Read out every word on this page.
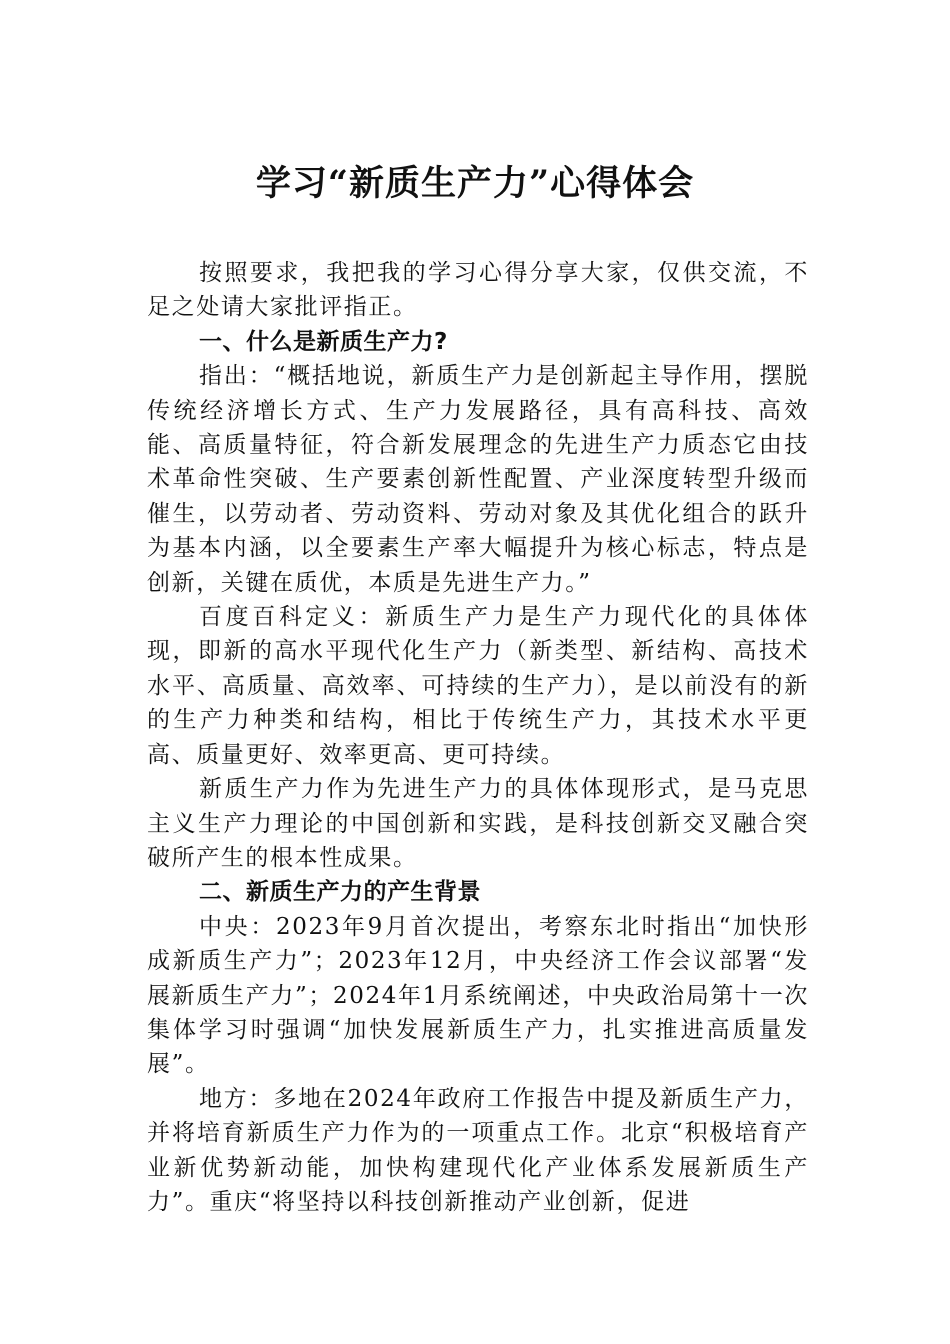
学习“新质生产力”心得体会

按照要求，我把我的学习心得分享大家，仅供交流，不足之处请大家批评指正。

一、什么是新质生产力?

指出：“概括地说，新质生产力是创新起主导作用，摆脱传统经济增长方式、生产力发展路径，具有高科技、高效能、高质量特征，符合新发展理念的先进生产力质态它由技术革命性突破、生产要素创新性配置、产业深度转型升级而催生，以劳动者、劳动资料、劳动对象及其优化组合的跃升为基本内涵，以全要素生产率大幅提升为核心标志，特点是创新，关键在质优，本质是先进生产力。”

百度百科定义：新质生产力是生产力现代化的具体体现，即新的高水平现代化生产力（新类型、新结构、高技术水平、高质量、高效率、可持续的生产力），是以前没有的新的生产力种类和结构，相比于传统生产力，其技术水平更高、质量更好、效率更高、更可持续。

新质生产力作为先进生产力的具体体现形式，是马克思主义生产力理论的中国创新和实践，是科技创新交叉融合突破所产生的根本性成果。

二、新质生产力的产生背景

中央：2023年9月首次提出，考察东北时指出“加快形成新质生产力”；2023年12月，中央经济工作会议部署“发展新质生产力”；2024年1月系统阐述，中央政治局第十一次集体学习时强调“加快发展新质生产力，扎实推进高质量发展”。

地方：多地在2024年政府工作报告中提及新质生产力，并将培育新质生产力作为的一项重点工作。北京“积极培育产业新优势新动能，加快构建现代化产业体系发展新质生产力”。重庆“将坚持以科技创新推动产业创新，促进
